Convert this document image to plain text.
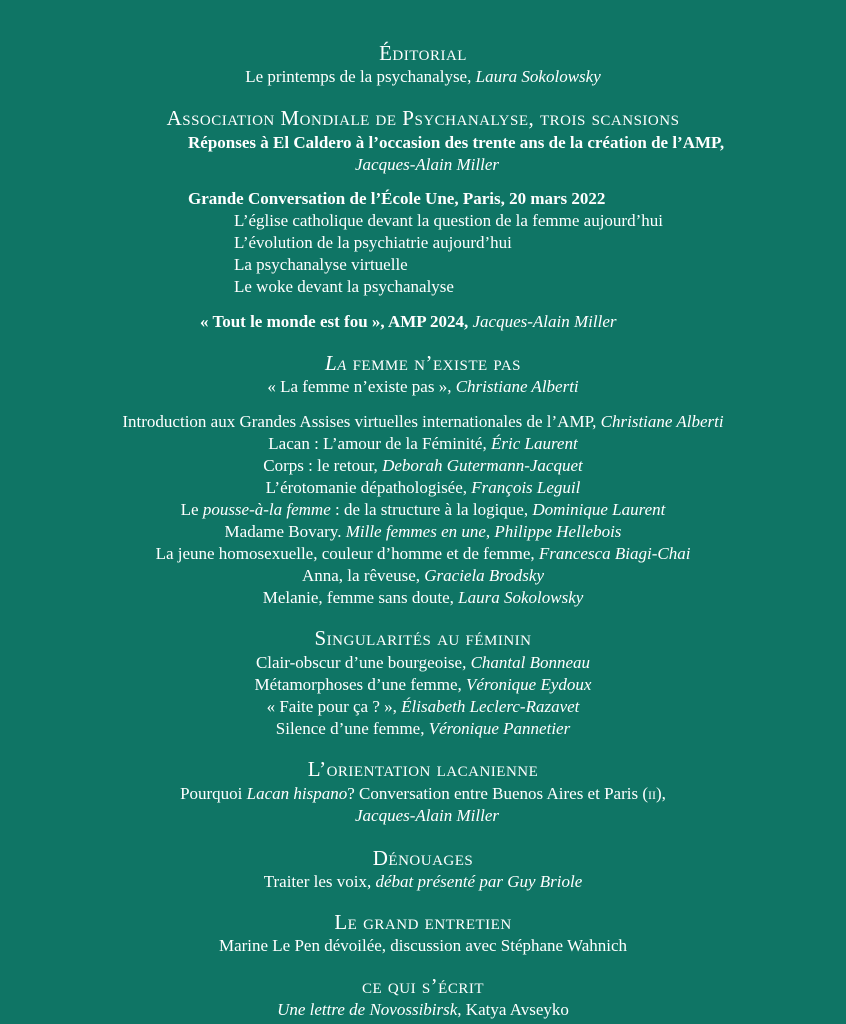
Éditorial
Le printemps de la psychanalyse, Laura Sokolowsky
Association Mondiale de Psychanalyse, trois scansions
Réponses à El Caldero à l’occasion des trente ans de la création de l’AMP,
Jacques-Alain Miller
Grande Conversation de l’École Une, Paris, 20 mars 2022
L’église catholique devant la question de la femme aujourd’hui
L’évolution de la psychiatrie aujourd’hui
La psychanalyse virtuelle
Le woke devant la psychanalyse
« Tout le monde est fou », AMP 2024, Jacques-Alain Miller
La femme n’existe pas
« La femme n’existe pas », Christiane Alberti
Introduction aux Grandes Assises virtuelles internationales de l’AMP, Christiane Alberti
Lacan : L’amour de la Féminité, Éric Laurent
Corps : le retour, Deborah Gutermann-Jacquet
L’érotomanie dépathologisée, François Leguil
Le pousse-à-la femme : de la structure à la logique, Dominique Laurent
Madame Bovary. Mille femmes en une, Philippe Hellebois
La jeune homosexuelle, couleur d’homme et de femme, Francesca Biagi-Chai
Anna, la rêveuse, Graciela Brodsky
Melanie, femme sans doute, Laura Sokolowsky
Singularités au féminin
Clair-obscur d’une bourgeoise, Chantal Bonneau
Métamorphoses d’une femme, Véronique Eydoux
« Faite pour ça ? », Élisabeth Leclerc-Razavet
Silence d’une femme, Véronique Pannetier
L’orientation lacanienne
Pourquoi Lacan hispano? Conversation entre Buenos Aires et Paris (ii),
Jacques-Alain Miller
Dénouages
Traiter les voix, débat présenté par Guy Briole
Le grand entretien
Marine Le Pen dévoilée, discussion avec Stéphane Wahnich
ce qui s’écrit
Une lettre de Novossibirsk, Katya Avseyko
